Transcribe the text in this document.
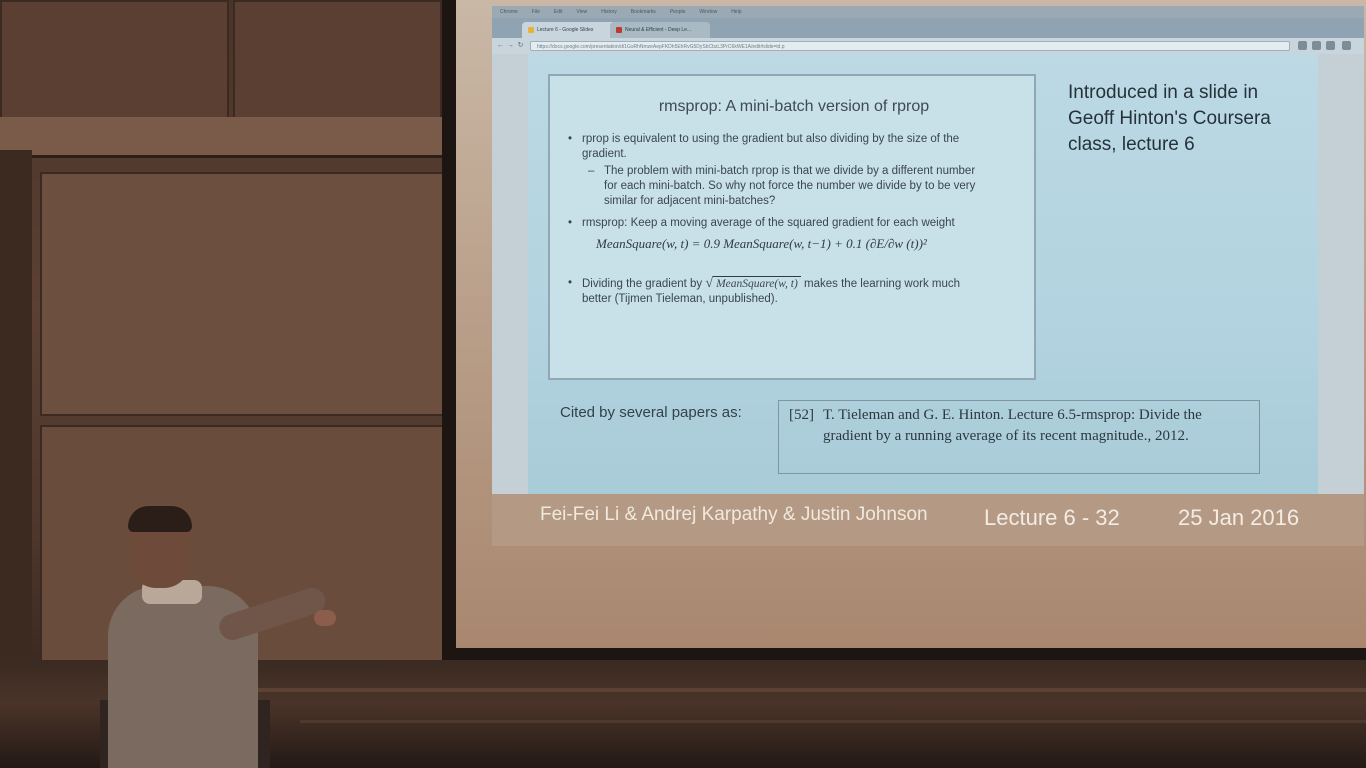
Chrome	File	Edit	View	History	Bookmarks	People	Window	Help
Lecture 6 - Google Slides	Neural & Efficient - Deep Le...
← → ↻	https://docs.google.com/presentation/d/1GsRhNmzeAepFKDh5EhRvG5DySbCbzL3PrC6kWE1A/edit#slide=id.p
rmsprop: A mini-batch version of rprop
• rprop is equivalent to using the gradient but also dividing by the size of the
gradient.
– The problem with mini-batch rprop is that we divide by a different number
for each mini-batch. So why not force the number we divide by to be very
similar for adjacent mini-batches?
• rmsprop: Keep a moving average of the squared gradient for each weight
MeanSquare(w, t) = 0.9 MeanSquare(w, t−1) + 0.1 (∂E/∂w (t))²
• Dividing the gradient by √ MeanSquare(w, t) makes the learning work much
better (Tijmen Tieleman, unpublished).
Introduced in a slide in Geoff Hinton's Coursera class, lecture 6
Cited by several papers as:	[52] T. Tieleman and G. E. Hinton. Lecture 6.5-rmsprop: Divide the gradient by a running average of its recent magnitude., 2012.
Fei-Fei Li & Andrej Karpathy & Justin Johnson	Lecture 6 - 32	25 Jan 2016
